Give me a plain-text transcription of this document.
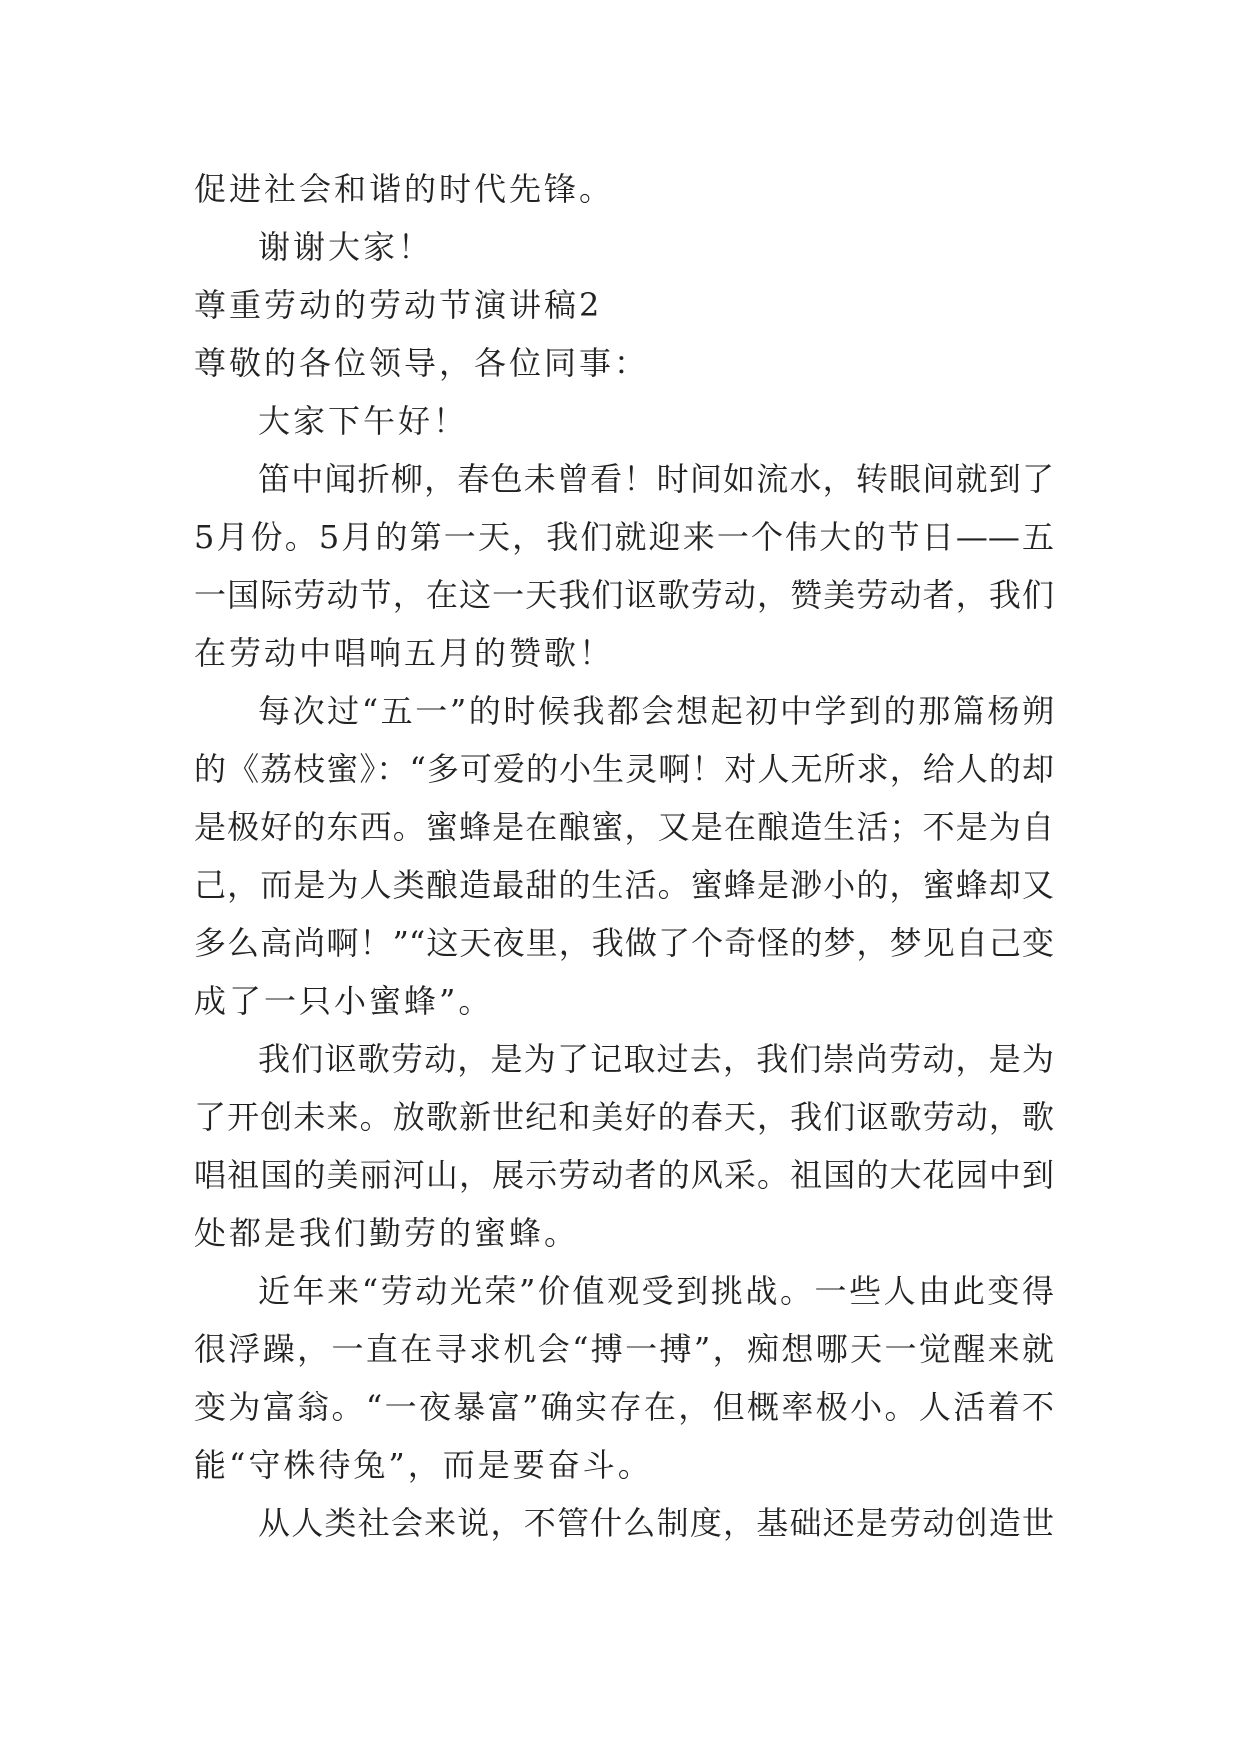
促进社会和谐的时代先锋。
谢谢大家！
尊重劳动的劳动节演讲稿2
尊敬的各位领导，各位同事：
大家下午好！
笛中闻折柳，春色未曾看！时间如流水，转眼间就到了
5月份。5月的第一天，我们就迎来一个伟大的节日——五
一国际劳动节，在这一天我们讴歌劳动，赞美劳动者，我们
在劳动中唱响五月的赞歌！
每次过“五一”的时候我都会想起初中学到的那篇杨朔
的《荔枝蜜》：“多可爱的小生灵啊！对人无所求，给人的却
是极好的东西。蜜蜂是在酿蜜，又是在酿造生活；不是为自
己，而是为人类酿造最甜的生活。蜜蜂是渺小的，蜜蜂却又
多么高尚啊！”“这天夜里，我做了个奇怪的梦，梦见自己变
成了一只小蜜蜂”。
我们讴歌劳动，是为了记取过去，我们崇尚劳动，是为
了开创未来。放歌新世纪和美好的春天，我们讴歌劳动，歌
唱祖国的美丽河山，展示劳动者的风采。祖国的大花园中到
处都是我们勤劳的蜜蜂。
近年来“劳动光荣”价值观受到挑战。一些人由此变得
很浮躁，一直在寻求机会“搏一搏”，痴想哪天一觉醒来就
变为富翁。“一夜暴富”确实存在，但概率极小。人活着不
能“守株待兔”，而是要奋斗。
从人类社会来说，不管什么制度，基础还是劳动创造世
